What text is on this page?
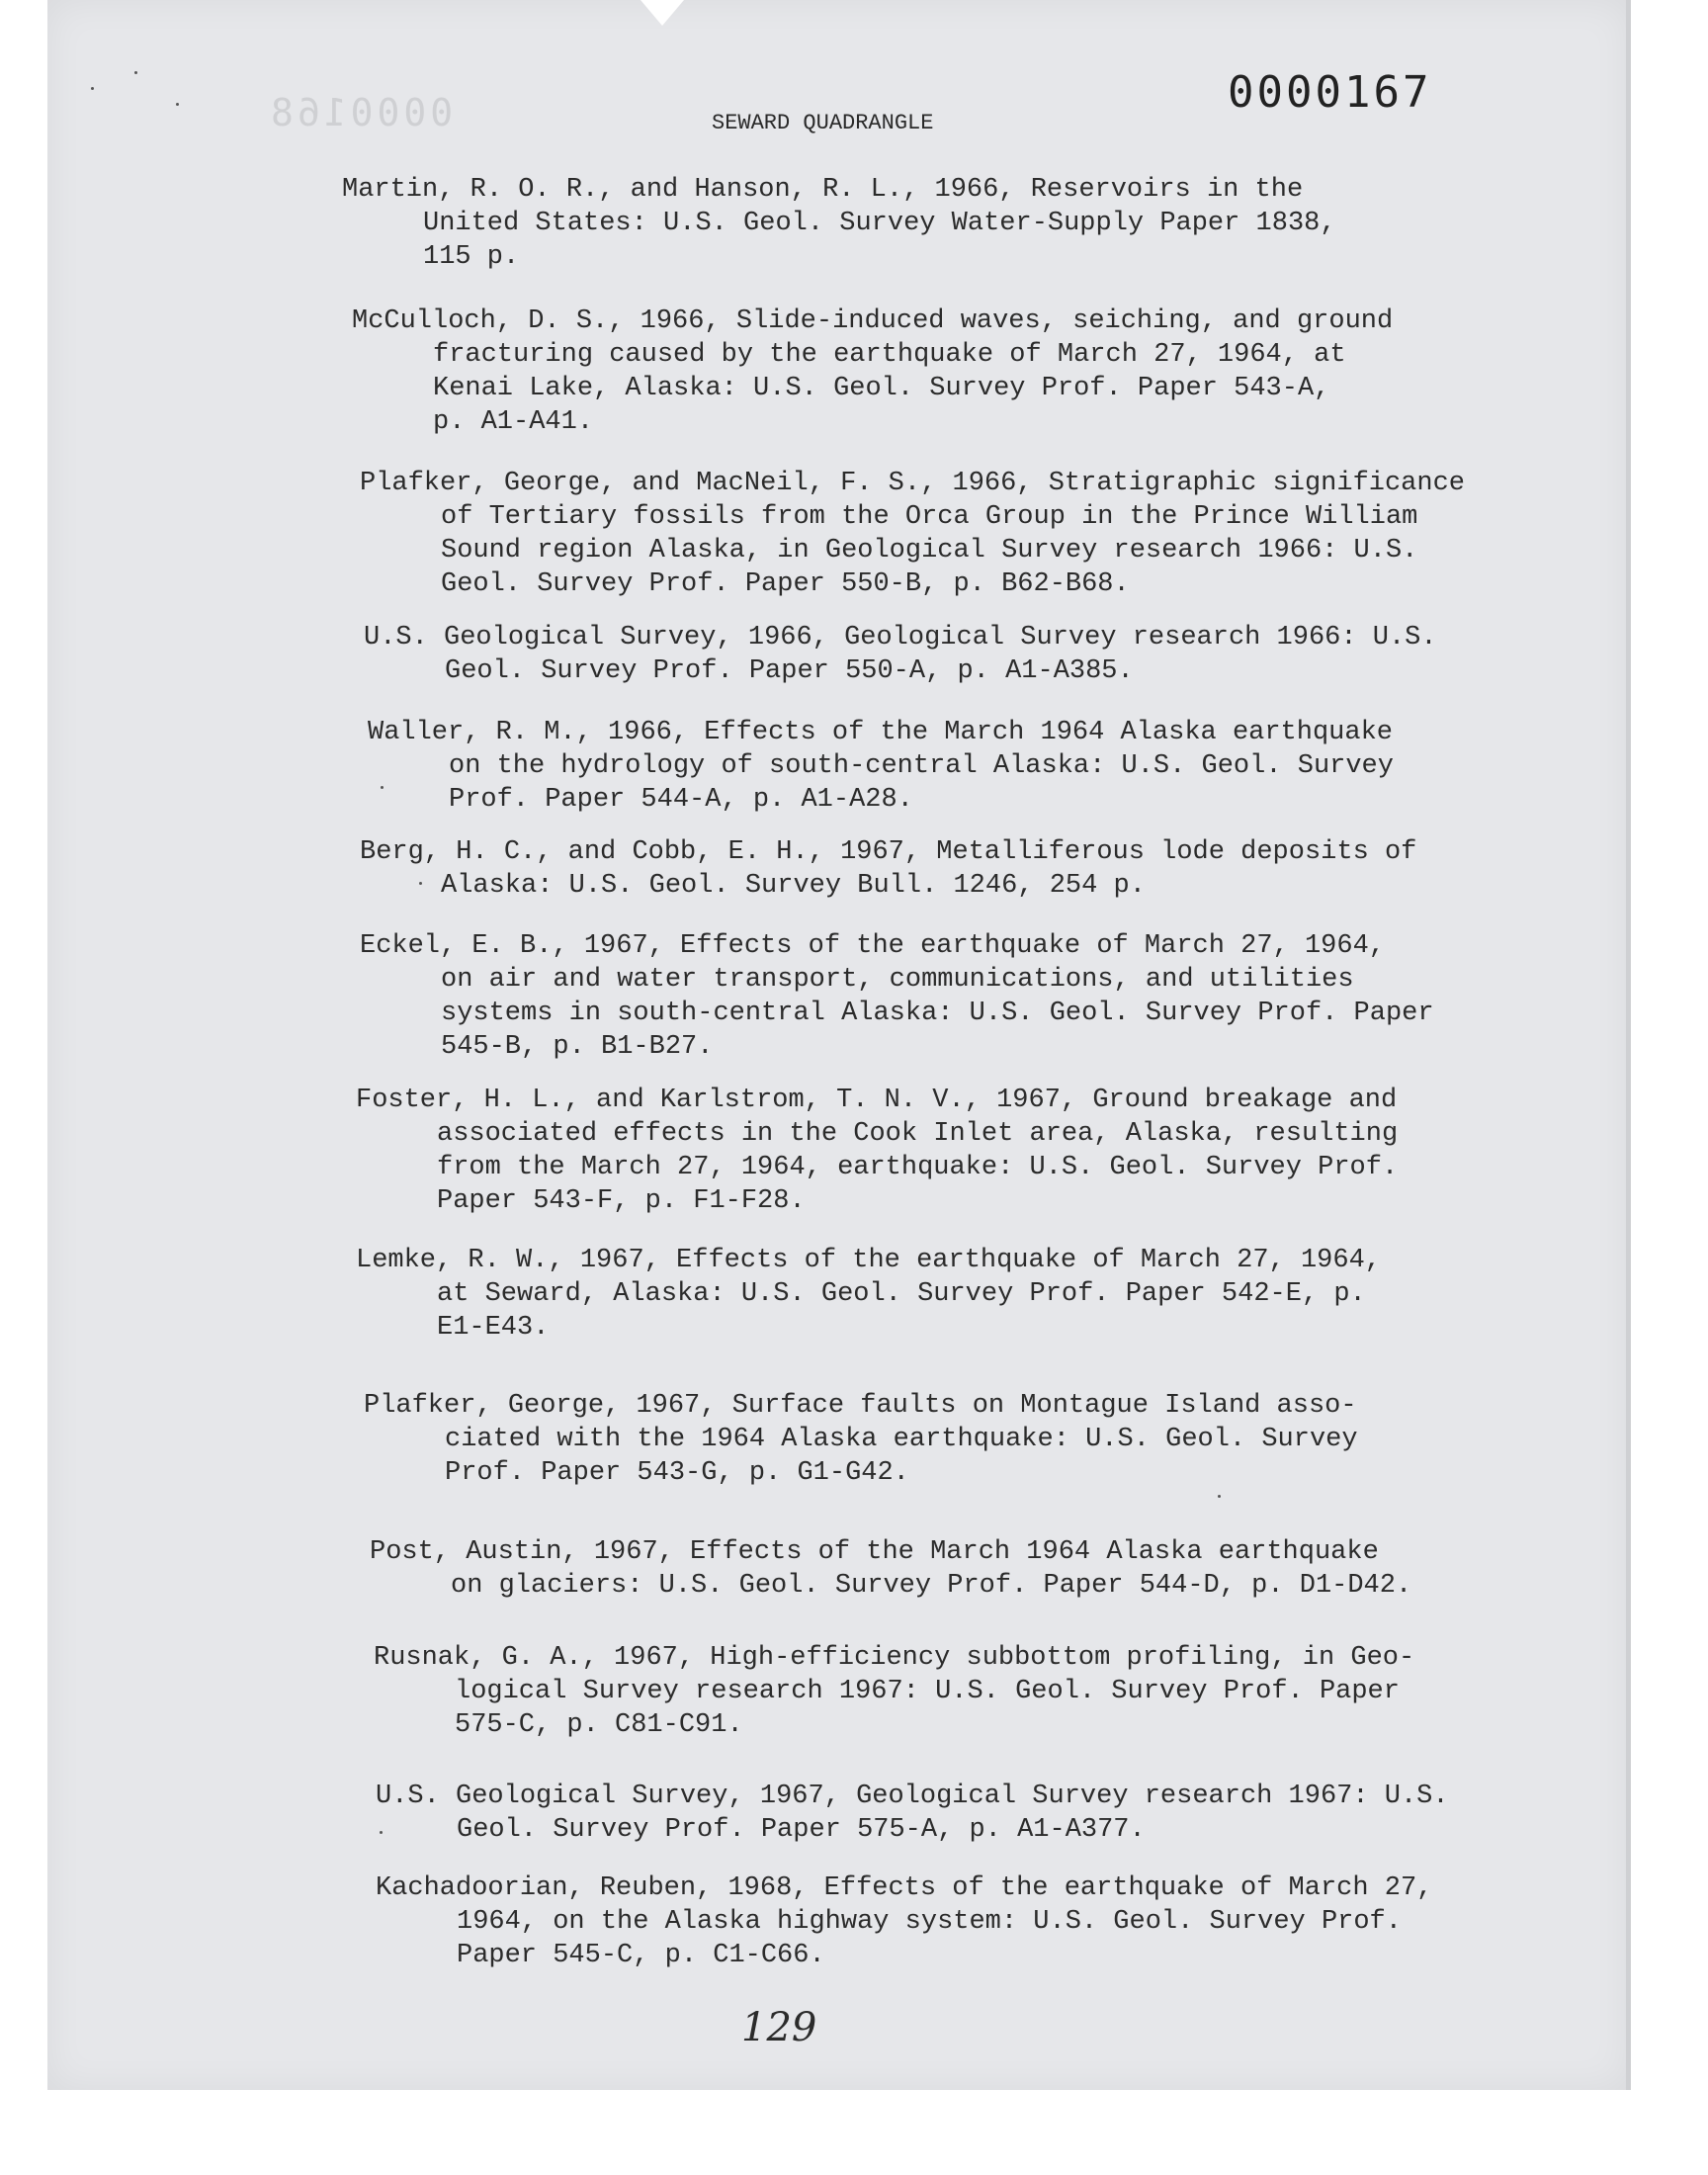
0000168	0000167
SEWARD QUADRANGLE
Martin, R. O. R., and Hanson, R. L., 1966, Reservoirs in the
United States: U.S. Geol. Survey Water-Supply Paper 1838,
115 p.
McCulloch, D. S., 1966, Slide-induced waves, seiching, and ground
fracturing caused by the earthquake of March 27, 1964, at
Kenai Lake, Alaska: U.S. Geol. Survey Prof. Paper 543-A,
p. A1-A41.
Plafker, George, and MacNeil, F. S., 1966, Stratigraphic significance
of Tertiary fossils from the Orca Group in the Prince William
Sound region Alaska, in Geological Survey research 1966: U.S.
Geol. Survey Prof. Paper 550-B, p. B62-B68.
U.S. Geological Survey, 1966, Geological Survey research 1966: U.S.
Geol. Survey Prof. Paper 550-A, p. A1-A385.
Waller, R. M., 1966, Effects of the March 1964 Alaska earthquake
on the hydrology of south-central Alaska: U.S. Geol. Survey
Prof. Paper 544-A, p. A1-A28.
Berg, H. C., and Cobb, E. H., 1967, Metalliferous lode deposits of
Alaska: U.S. Geol. Survey Bull. 1246, 254 p.
Eckel, E. B., 1967, Effects of the earthquake of March 27, 1964,
on air and water transport, communications, and utilities
systems in south-central Alaska: U.S. Geol. Survey Prof. Paper
545-B, p. B1-B27.
Foster, H. L., and Karlstrom, T. N. V., 1967, Ground breakage and
associated effects in the Cook Inlet area, Alaska, resulting
from the March 27, 1964, earthquake: U.S. Geol. Survey Prof.
Paper 543-F, p. F1-F28.
Lemke, R. W., 1967, Effects of the earthquake of March 27, 1964,
at Seward, Alaska: U.S. Geol. Survey Prof. Paper 542-E, p.
E1-E43.
Plafker, George, 1967, Surface faults on Montague Island asso-
ciated with the 1964 Alaska earthquake: U.S. Geol. Survey
Prof. Paper 543-G, p. G1-G42.
Post, Austin, 1967, Effects of the March 1964 Alaska earthquake
on glaciers: U.S. Geol. Survey Prof. Paper 544-D, p. D1-D42.
Rusnak, G. A., 1967, High-efficiency subbottom profiling, in Geo-
logical Survey research 1967: U.S. Geol. Survey Prof. Paper
575-C, p. C81-C91.
U.S. Geological Survey, 1967, Geological Survey research 1967: U.S.
Geol. Survey Prof. Paper 575-A, p. A1-A377.
Kachadoorian, Reuben, 1968, Effects of the earthquake of March 27,
1964, on the Alaska highway system: U.S. Geol. Survey Prof.
Paper 545-C, p. C1-C66.
129
